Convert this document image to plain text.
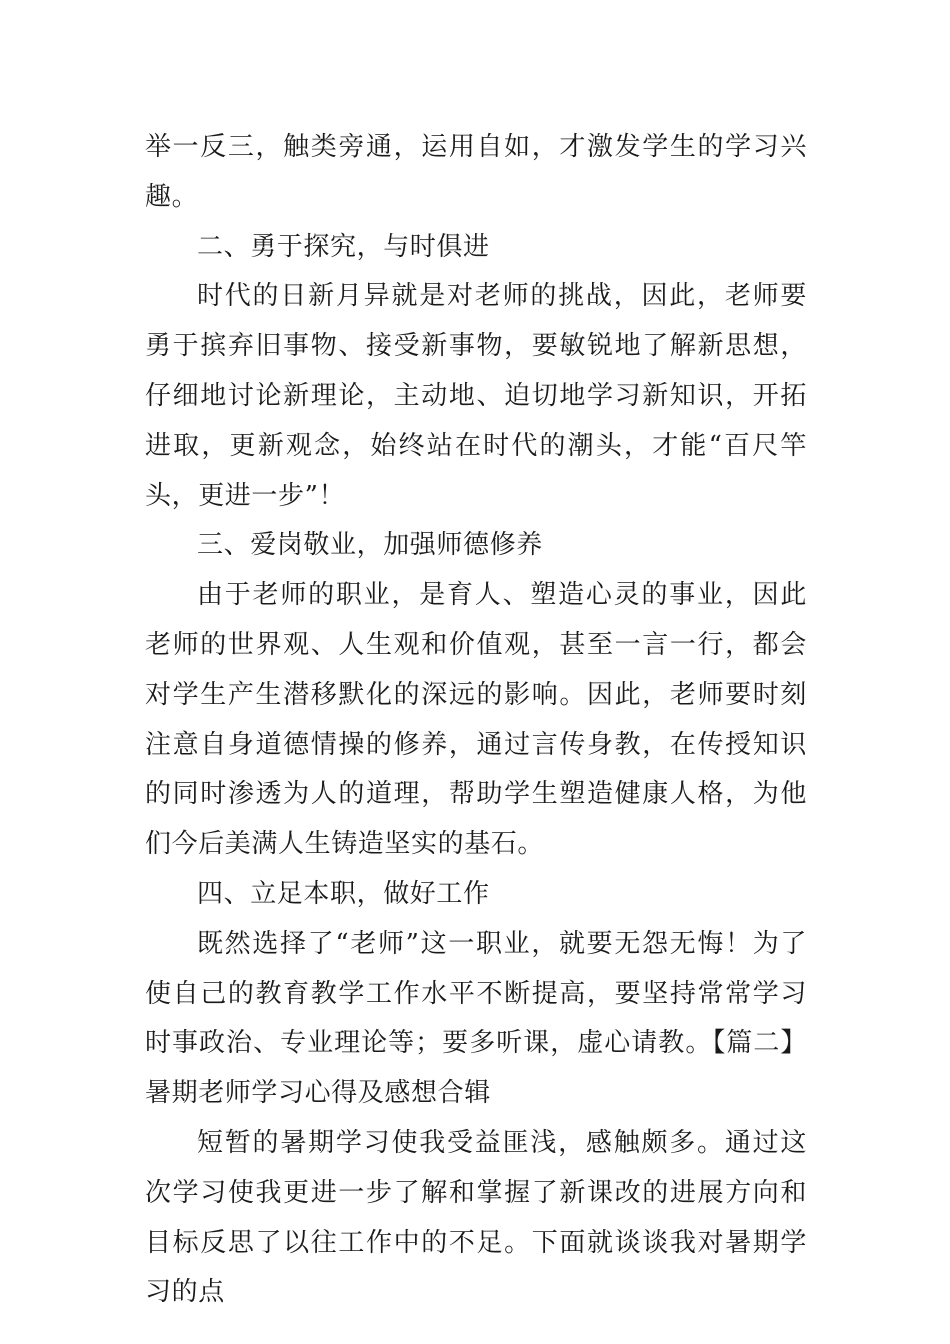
举一反三，触类旁通，运用自如，才激发学生的学习兴趣。

二、勇于探究，与时俱进

时代的日新月异就是对老师的挑战，因此，老师要勇于摈弃旧事物、接受新事物，要敏锐地了解新思想，仔细地讨论新理论，主动地、迫切地学习新知识，开拓进取，更新观念，始终站在时代的潮头，才能“百尺竿头，更进一步”！

三、爱岗敬业，加强师德修养

由于老师的职业，是育人、塑造心灵的事业，因此老师的世界观、人生观和价值观，甚至一言一行，都会对学生产生潜移默化的深远的影响。因此，老师要时刻注意自身道德情操的修养，通过言传身教，在传授知识的同时渗透为人的道理，帮助学生塑造健康人格，为他们今后美满人生铸造坚实的基石。

四、立足本职，做好工作

既然选择了“老师”这一职业，就要无怨无悔！为了使自己的教育教学工作水平不断提高，要坚持常常学习时事政治、专业理论等；要多听课，虚心请教。【篇二】暑期老师学习心得及感想合辑

短暂的暑期学习使我受益匪浅，感触颇多。通过这次学习使我更进一步了解和掌握了新课改的进展方向和目标反思了以往工作中的不足。下面就谈谈我对暑期学习的点
